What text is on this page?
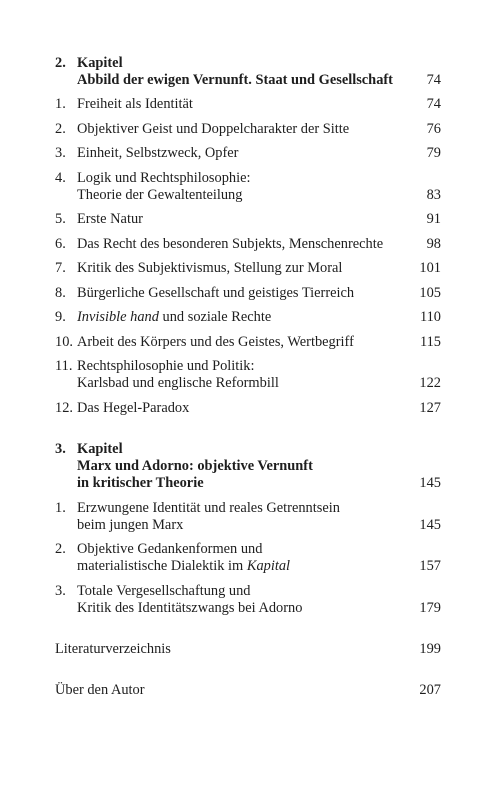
2. Kapitel
Abbild der ewigen Vernunft. Staat und Gesellschaft	74
1. Freiheit als Identität	74
2. Objektiver Geist und Doppelcharakter der Sitte	76
3. Einheit, Selbstzweck, Opfer	79
4. Logik und Rechtsphilosophie:
Theorie der Gewaltenteilung	83
5. Erste Natur	91
6. Das Recht des besonderen Subjekts, Menschenrechte	98
7. Kritik des Subjektivismus, Stellung zur Moral	101
8. Bürgerliche Gesellschaft und geistiges Tierreich	105
9. Invisible hand und soziale Rechte	110
10. Arbeit des Körpers und des Geistes, Wertbegriff	115
11. Rechtsphilosophie und Politik:
Karlsbad und englische Reformbill	122
12. Das Hegel-Paradox	127
3. Kapitel
Marx und Adorno: objektive Vernunft
in kritischer Theorie	145
1. Erzwungene Identität und reales Getrenntsein
beim jungen Marx	145
2. Objektive Gedankenformen und
materialistische Dialektik im Kapital	157
3. Totale Vergesellschaftung und
Kritik des Identitätszwangs bei Adorno	179
Literaturverzeichnis	199
Über den Autor	207
